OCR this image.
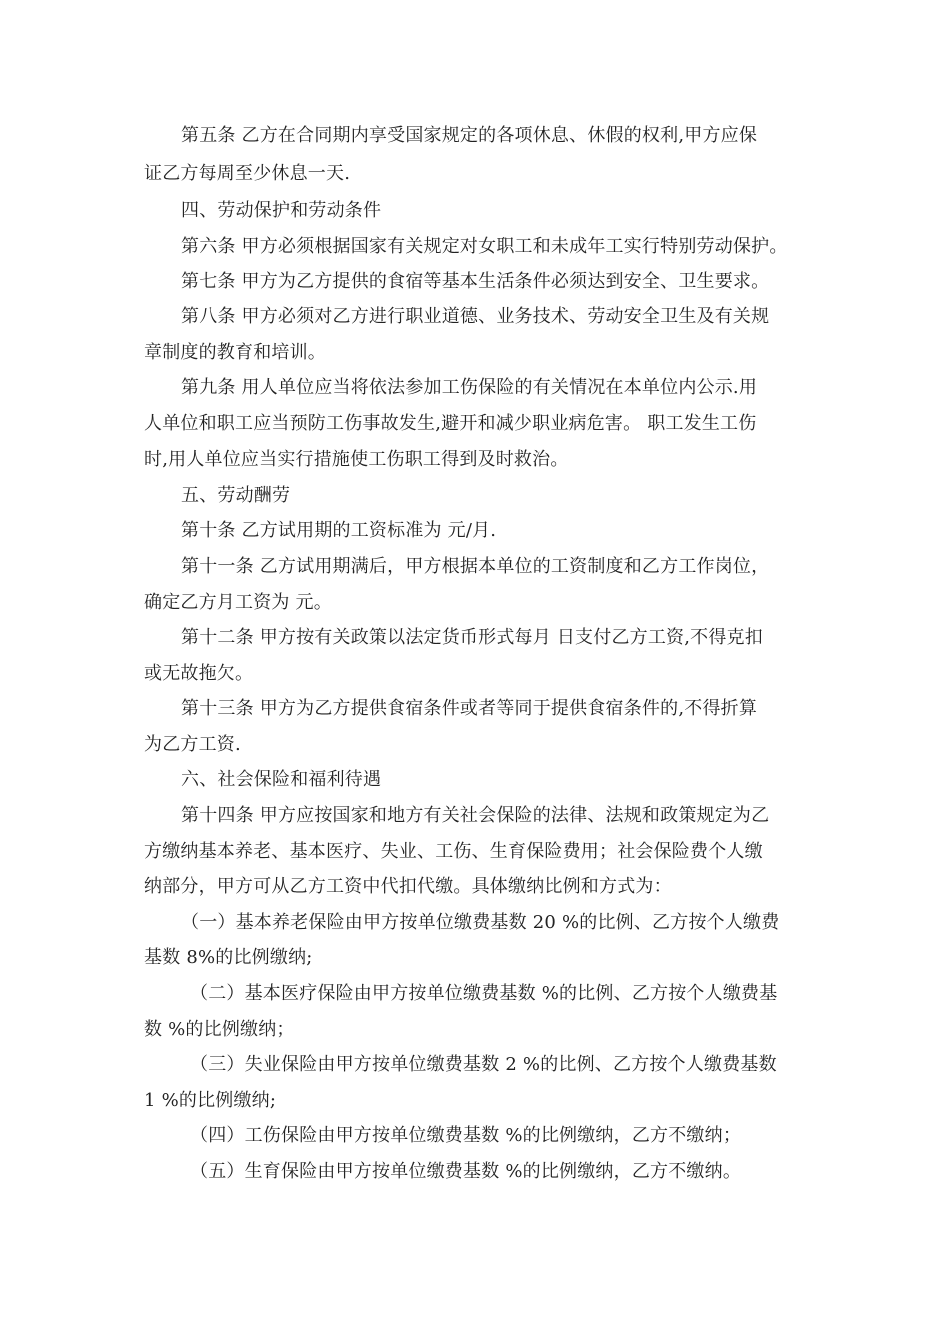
第五条 乙方在合同期内享受国家规定的各项休息、休假的权利,甲方应保
证乙方每周至少休息一天.
四、劳动保护和劳动条件
第六条 甲方必须根据国家有关规定对女职工和未成年工实行特别劳动保护。
第七条 甲方为乙方提供的食宿等基本生活条件必须达到安全、卫生要求。
第八条 甲方必须对乙方进行职业道德、业务技术、劳动安全卫生及有关规
章制度的教育和培训。
第九条 用人单位应当将依法参加工伤保险的有关情况在本单位内公示.用
人单位和职工应当预防工伤事故发生,避开和减少职业病危害。 职工发生工伤
时,用人单位应当实行措施使工伤职工得到及时救治。
五、劳动酬劳
第十条 乙方试用期的工资标准为 元/月.
第十一条 乙方试用期满后，甲方根据本单位的工资制度和乙方工作岗位，
确定乙方月工资为 元。
第十二条 甲方按有关政策以法定货币形式每月 日支付乙方工资,不得克扣
或无故拖欠。
第十三条 甲方为乙方提供食宿条件或者等同于提供食宿条件的,不得折算
为乙方工资.
六、社会保险和福利待遇
第十四条 甲方应按国家和地方有关社会保险的法律、法规和政策规定为乙
方缴纳基本养老、基本医疗、失业、工伤、生育保险费用；社会保险费个人缴
纳部分，甲方可从乙方工资中代扣代缴。具体缴纳比例和方式为：
（一）基本养老保险由甲方按单位缴费基数 20 %的比例、乙方按个人缴费
基数 8%的比例缴纳;
（二）基本医疗保险由甲方按单位缴费基数 %的比例、乙方按个人缴费基
数 %的比例缴纳；
（三）失业保险由甲方按单位缴费基数 2 %的比例、乙方按个人缴费基数
1 %的比例缴纳;
（四）工伤保险由甲方按单位缴费基数 %的比例缴纳，乙方不缴纳；
（五）生育保险由甲方按单位缴费基数 %的比例缴纳，乙方不缴纳。
